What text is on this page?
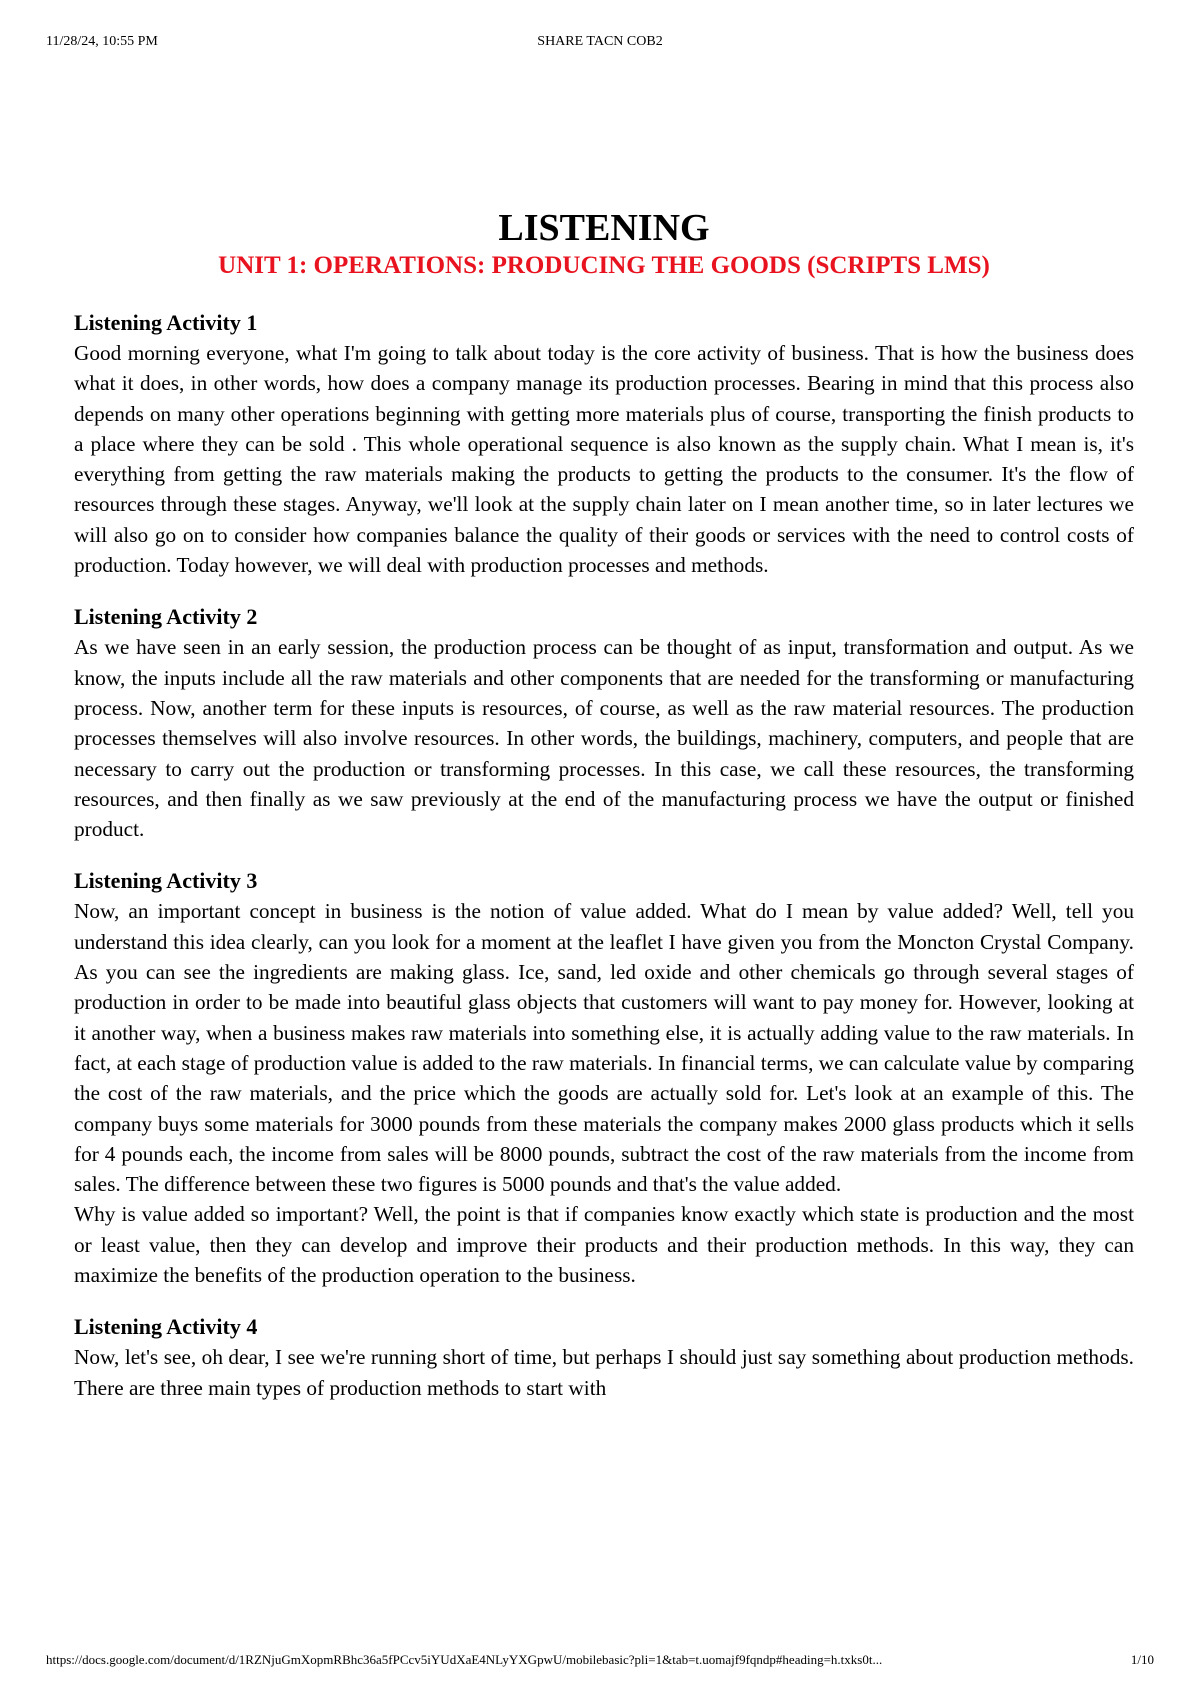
11/28/24, 10:55 PM	SHARE TACN COB2
LISTENING
UNIT 1: OPERATIONS: PRODUCING THE GOODS (SCRIPTS LMS)

Listening Activity 1

Good morning everyone, what I'm going to talk about today is the core activity of business. That is how the business does what it does, in other words, how does a company manage its production processes. Bearing in mind that this process also depends on many other operations beginning with getting more materials plus of course, transporting the finish products to a place where they can be sold . This whole operational sequence is also known as the supply chain. What I mean is, it's everything from getting the raw materials making the products to getting the products to the consumer. It's the flow of resources through these stages. Anyway, we'll look at the supply chain later on I mean another time, so in later lectures we will also go on to consider how companies balance the quality of their goods or services with the need to control costs of production. Today however, we will deal with production processes and methods.

Listening Activity 2

As we have seen in an early session, the production process can be thought of as input, transformation and output. As we know, the inputs include all the raw materials and other components that are needed for the transforming or manufacturing process. Now, another term for these inputs is resources, of course, as well as the raw material resources. The production processes themselves will also involve resources. In other words, the buildings, machinery, computers, and people that are necessary to carry out the production or transforming processes. In this case, we call these resources, the transforming resources, and then finally as we saw previously at the end of the manufacturing process we have the output or finished product.

Listening Activity 3

Now, an important concept in business is the notion of value added. What do I mean by value added? Well, tell you understand this idea clearly, can you look for a moment at the leaflet I have given you from the Moncton Crystal Company. As you can see the ingredients are making glass. Ice, sand, led oxide and other chemicals go through several stages of production in order to be made into beautiful glass objects that customers will want to pay money for. However, looking at it another way, when a business makes raw materials into something else, it is actually adding value to the raw materials. In fact, at each stage of production value is added to the raw materials. In financial terms, we can calculate value by comparing the cost of the raw materials, and the price which the goods are actually sold for. Let's look at an example of this. The company buys some materials for 3000 pounds from these materials the company makes 2000 glass products which it sells for 4 pounds each, the income from sales will be 8000 pounds, subtract the cost of the raw materials from the income from sales. The difference between these two figures is 5000 pounds and that's the value added.

Why is value added so important? Well, the point is that if companies know exactly which state is production and the most or least value, then they can develop and improve their products and their production methods. In this way, they can maximize the benefits of the production operation to the business.

Listening Activity 4

Now, let's see, oh dear, I see we're running short of time, but perhaps I should just say something about production methods. There are three main types of production methods to start with

https://docs.google.com/document/d/1RZNjuGmXopmRBhc36a5fPCcv5iYUdXaE4NLyYXGpwU/mobilebasic?pli=1&tab=t.uomajf9fqndp#heading=h.txks0t...	1/10
